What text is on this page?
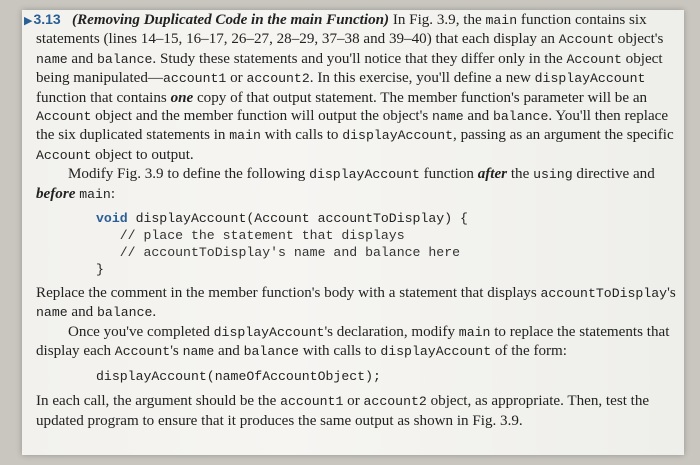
▶3.13 (Removing Duplicated Code in the main Function) In Fig. 3.9, the main function contains six statements (lines 14–15, 16–17, 26–27, 28–29, 37–38 and 39–40) that each display an Account object's name and balance. Study these statements and you'll notice that they differ only in the Account object being manipulated—account1 or account2. In this exercise, you'll define a new displayAccount function that contains one copy of that output statement. The member function's parameter will be an Account object and the member function will output the object's name and balance. You'll then replace the six duplicated statements in main with calls to displayAccount, passing as an argument the specific Account object to output.

Modify Fig. 3.9 to define the following displayAccount function after the using directive and before main:

void displayAccount(Account accountToDisplay) {
// place the statement that displays
// accountToDisplay's name and balance here
}

Replace the comment in the member function's body with a statement that displays accountToDisplay's name and balance.

Once you've completed displayAccount's declaration, modify main to replace the statements that display each Account's name and balance with calls to displayAccount of the form:

displayAccount(nameOfAccountObject);

In each call, the argument should be the account1 or account2 object, as appropriate. Then, test the updated program to ensure that it produces the same output as shown in Fig. 3.9.
